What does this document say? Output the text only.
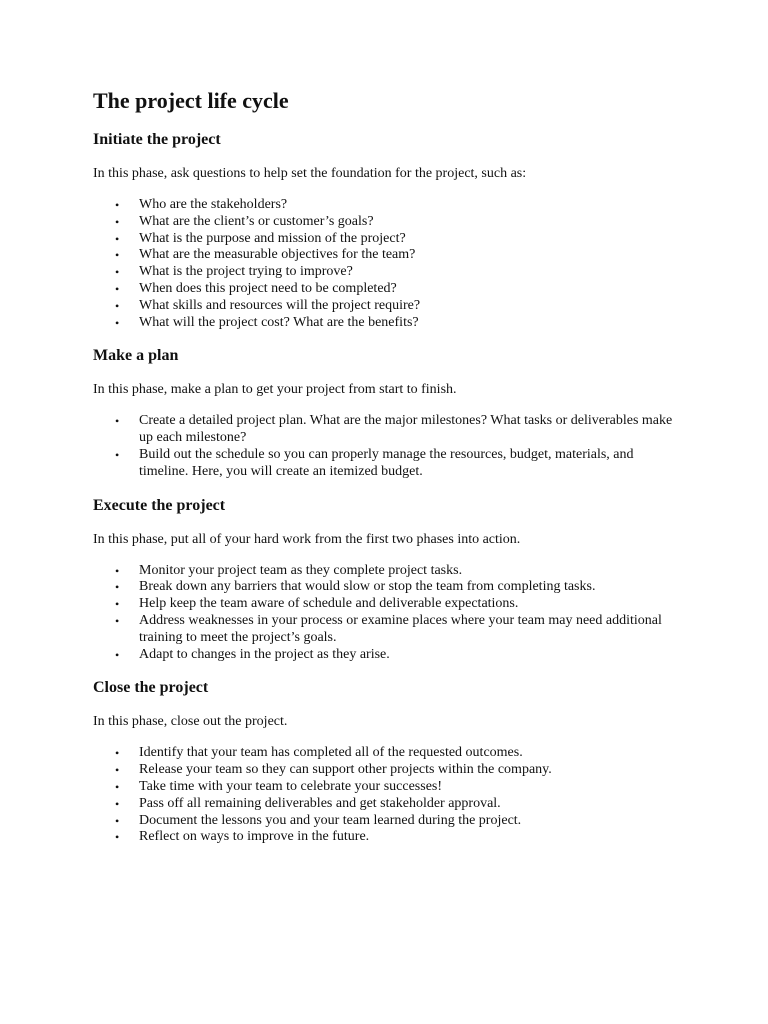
The project life cycle
Initiate the project

In this phase, ask questions to help set the foundation for the project, such as:

• Who are the stakeholders?
• What are the client’s or customer’s goals?
• What is the purpose and mission of the project?
• What are the measurable objectives for the team?
• What is the project trying to improve?
• When does this project need to be completed?
• What skills and resources will the project require?
• What will the project cost? What are the benefits?
Make a plan

In this phase, make a plan to get your project from start to finish.

• Create a detailed project plan. What are the major milestones? What tasks or deliverables make up each milestone?
• Build out the schedule so you can properly manage the resources, budget, materials, and timeline. Here, you will create an itemized budget.
Execute the project

In this phase, put all of your hard work from the first two phases into action.

• Monitor your project team as they complete project tasks.
• Break down any barriers that would slow or stop the team from completing tasks.
• Help keep the team aware of schedule and deliverable expectations.
• Address weaknesses in your process or examine places where your team may need additional training to meet the project’s goals.
• Adapt to changes in the project as they arise.
Close the project

In this phase, close out the project.

• Identify that your team has completed all of the requested outcomes.
• Release your team so they can support other projects within the company.
• Take time with your team to celebrate your successes!
• Pass off all remaining deliverables and get stakeholder approval.
• Document the lessons you and your team learned during the project.
• Reflect on ways to improve in the future.
